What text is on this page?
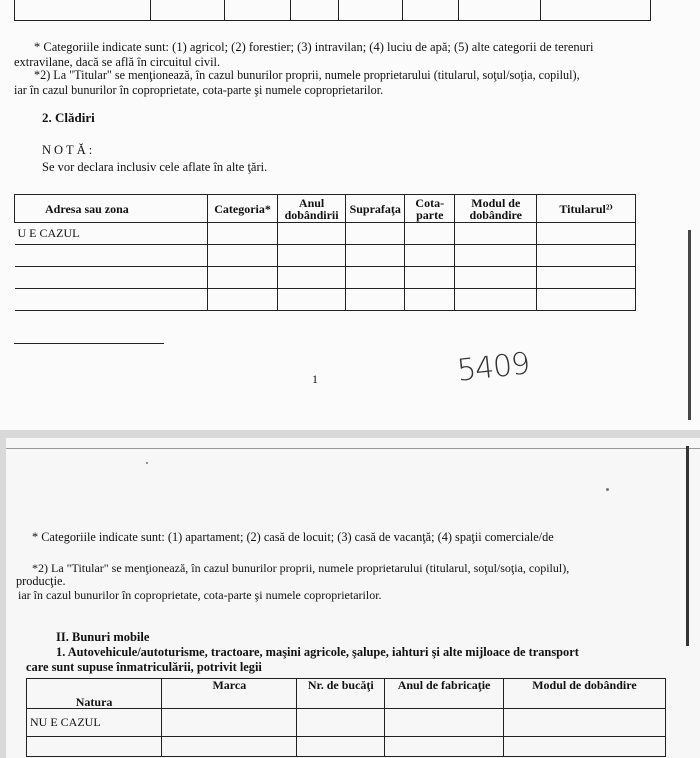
* Categoriile indicate sunt: (1) agricol; (2) forestier; (3) intravilan; (4) luciu de apă; (5) alte categorii de terenuri
extravilane, dacă se află în circuitul civil.
*2) La "Titular" se menţionează, în cazul bunurilor proprii, numele proprietarului (titularul, soţul/soţia, copilul),
iar în cazul bunurilor în coproprietate, cota-parte şi numele coproprietarilor.
2. Clădiri
NOTĂ:
Se vor declara inclusiv cele aflate în alte ţări.
Adresa sau zona	Categoria*	Anul dobândirii	Suprafaţa	Cota-parte	Modul de dobândire	Titularul²⁾
U E CAZUL						

1	5409
* Categoriile indicate sunt: (1) apartament; (2) casă de locuit; (3) casă de vacanţă; (4) spaţii comerciale/de
producţie.
*2) La "Titular" se menţionează, în cazul bunurilor proprii, numele proprietarului (titularul, soţul/soţia, copilul),
iar în cazul bunurilor în coproprietate, cota-parte şi numele coproprietarilor.
II. Bunuri mobile
1. Autovehicule/autoturisme, tractoare, maşini agricole, şalupe, iahturi şi alte mijloace de transport
care sunt supuse înmatriculării, potrivit legii
Natura	Marca	Nr. de bucăţi	Anul de fabricaţie	Modul de dobândire
NU E CAZUL				
